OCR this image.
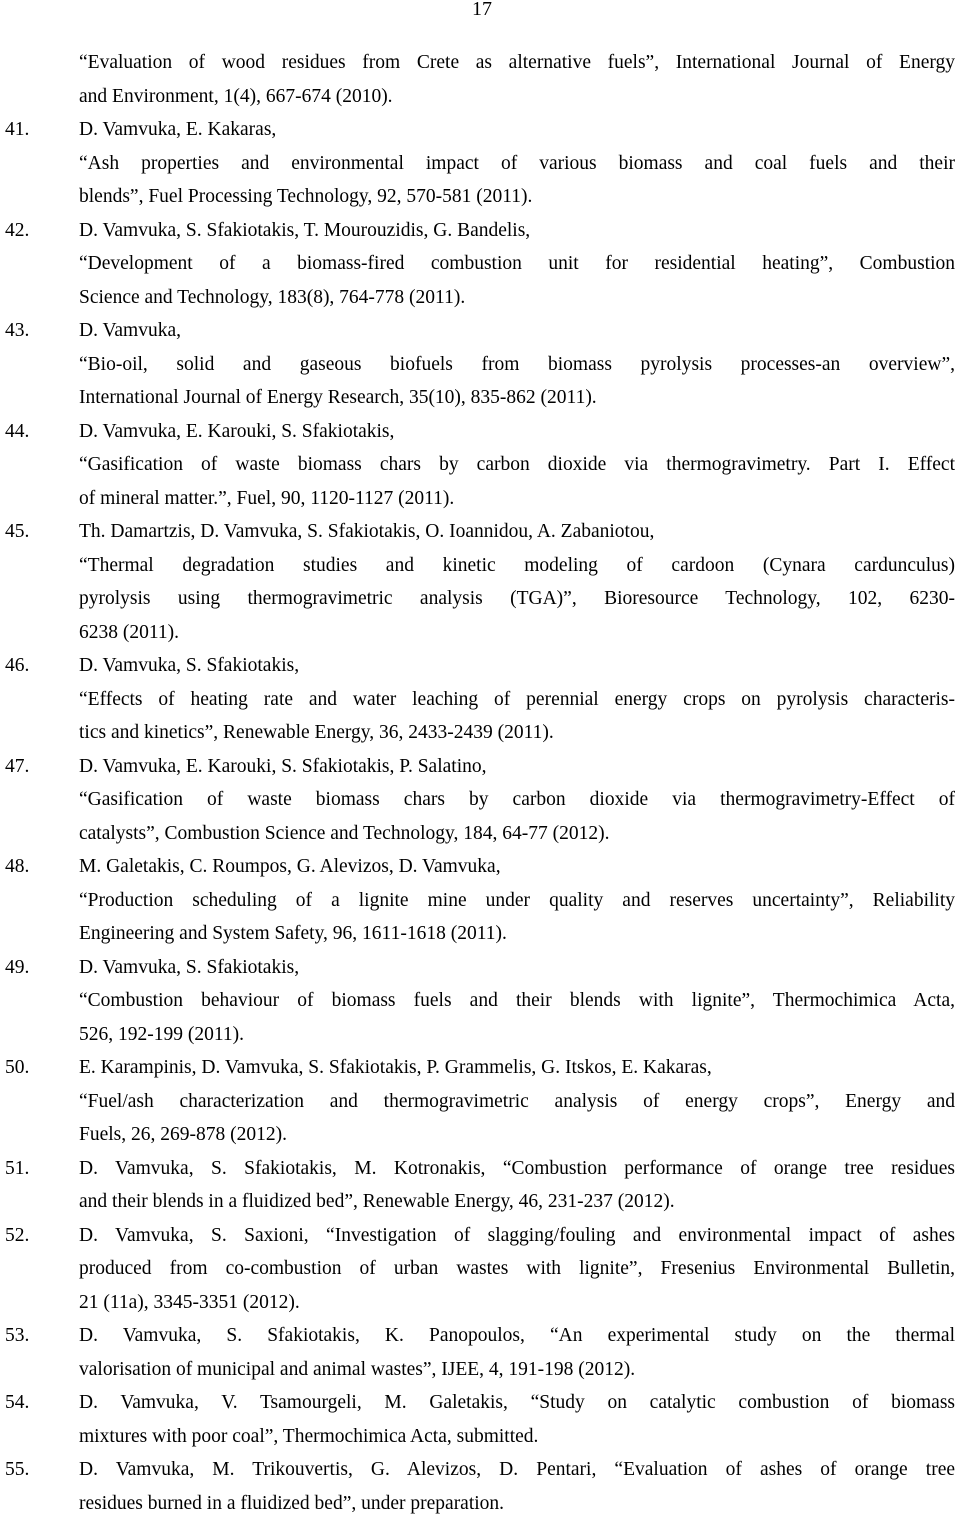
17
“Evaluation of wood residues from Crete as alternative fuels”, International Journal of Energy
and Environment, 1(4), 667-674 (2010).
41.	D. Vamvuka, E. Kakaras,
“Ash properties and environmental impact of various biomass and coal fuels and their
blends”, Fuel Processing Technology, 92, 570-581 (2011).
42.	D. Vamvuka, S. Sfakiotakis, T. Mourouzidis, G. Bandelis,
“Development of a biomass-fired combustion unit for residential heating”, Combustion
Science and Technology, 183(8), 764-778 (2011).
43.	D. Vamvuka,
“Bio-oil, solid and gaseous biofuels from biomass pyrolysis processes-an overview”,
International Journal of Energy Research, 35(10), 835-862 (2011).
44.	D. Vamvuka, E. Karouki, S. Sfakiotakis,
“Gasification of waste biomass chars by carbon dioxide via thermogravimetry. Part I. Effect
of mineral matter.”, Fuel, 90, 1120-1127 (2011).
45.	Th. Damartzis, D. Vamvuka, S. Sfakiotakis, O. Ioannidou, A. Zabaniotou,
“Thermal degradation studies and kinetic modeling of cardoon (Cynara cardunculus)
pyrolysis using thermogravimetric analysis (TGA)”, Bioresource Technology, 102, 6230-
6238 (2011).
46.	D. Vamvuka, S. Sfakiotakis,
“Effects of heating rate and water leaching of perennial energy crops on pyrolysis characteris-
tics and kinetics”, Renewable Energy, 36, 2433-2439 (2011).
47.	D. Vamvuka, E. Karouki, S. Sfakiotakis, P. Salatino,
“Gasification of waste biomass chars by carbon dioxide via thermogravimetry-Effect of
catalysts”, Combustion Science and Technology, 184, 64-77 (2012).
48.	M. Galetakis, C. Roumpos, G. Alevizos, D. Vamvuka,
“Production scheduling of a lignite mine under quality and reserves uncertainty”, Reliability
Engineering and System Safety, 96, 1611-1618 (2011).
49.	D. Vamvuka, S. Sfakiotakis,
“Combustion behaviour of biomass fuels and their blends with lignite”, Thermochimica Acta,
526, 192-199 (2011).
50.	E. Karampinis, D. Vamvuka, S. Sfakiotakis, P. Grammelis, G. Itskos, E. Kakaras,
“Fuel/ash characterization and thermogravimetric analysis of energy crops”, Energy and
Fuels, 26, 269-878 (2012).
51.	D. Vamvuka, S. Sfakiotakis, M. Kotronakis, “Combustion performance of orange tree residues
and their blends in a fluidized bed”, Renewable Energy, 46, 231-237 (2012).
52.	D. Vamvuka, S. Saxioni, “Investigation of slagging/fouling and environmental impact of ashes
produced from co-combustion of urban wastes with lignite”, Fresenius Environmental Bulletin,
21 (11a), 3345-3351 (2012).
53.	D. Vamvuka, S. Sfakiotakis, K. Panopoulos, “An experimental study on the thermal
valorisation of municipal and animal wastes”, IJEE, 4, 191-198 (2012).
54.	D. Vamvuka, V. Tsamourgeli, M. Galetakis, “Study on catalytic combustion of biomass
mixtures with poor coal”, Thermochimica Acta, submitted.
55.	D. Vamvuka, M. Trikouvertis, G. Alevizos, D. Pentari, “Evaluation of ashes of orange tree
residues burned in a fluidized bed”, under preparation.
